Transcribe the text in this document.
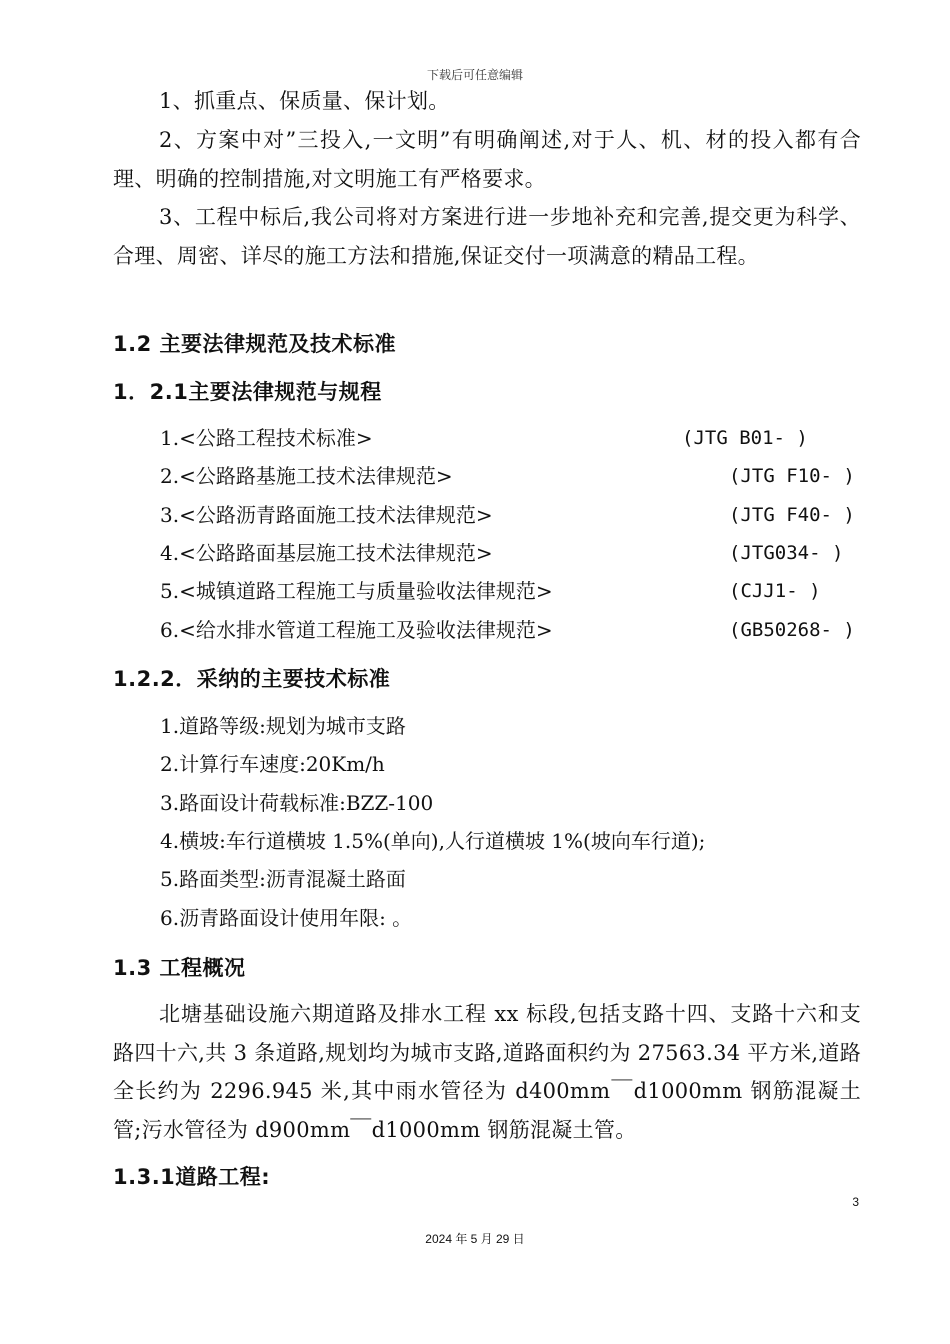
下载后可任意编辑
1、抓重点、保质量、保计划。
2、方案中对”三投入,一文明”有明确阐述,对于人、机、材的投入都有合理、明确的控制措施,对文明施工有严格要求。
3、工程中标后,我公司将对方案进行进一步地补充和完善,提交更为科学、合理、周密、详尽的施工方法和措施,保证交付一项满意的精品工程。
1.2 主要法律规范及技术标准
1．2.1主要法律规范与规程
1.<公路工程技术标准>	(JTG B01- )
2.<公路路基施工技术法律规范>	(JTG F10- )
3.<公路沥青路面施工技术法律规范>	(JTG F40- )
4.<公路路面基层施工技术法律规范>	(JTG034- )
5.<城镇道路工程施工与质量验收法律规范>	(CJJ1- )
6.<给水排水管道工程施工及验收法律规范>	(GB50268- )
1.2.2．采纳的主要技术标准
1.道路等级:规划为城市支路
2.计算行车速度:20Km/h
3.路面设计荷载标准:BZZ-100
4.横坡:车行道横坡 1.5%(单向),人行道横坡 1%(坡向车行道);
5.路面类型:沥青混凝土路面
6.沥青路面设计使用年限: 。
1.3 工程概况
北塘基础设施六期道路及排水工程 xx 标段,包括支路十四、支路十六和支路四十六,共 3 条道路,规划均为城市支路,道路面积约为 27563.34 平方米,道路全长约为 2296.945 米,其中雨水管径为 d400mm￣d1000mm 钢筋混凝土管;污水管径为 d900mm￣d1000mm 钢筋混凝土管。
1.3.1道路工程:
3
2024 年 5 月 29 日
